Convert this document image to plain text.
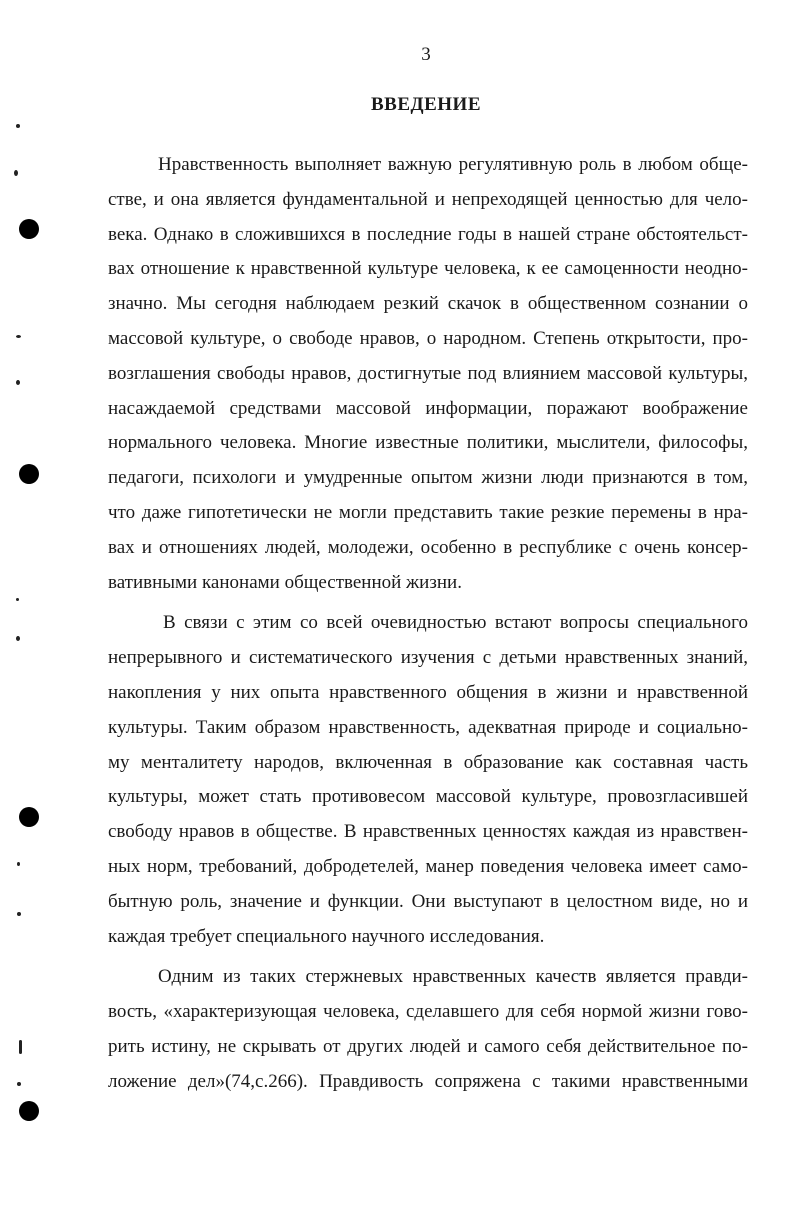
3
ВВЕДЕНИЕ
Нравственность выполняет важную регулятивную роль в любом обще-
стве, и она является фундаментальной и непреходящей ценностью для чело-
века. Однако в сложившихся в последние годы в нашей стране обстоятельст-
вах отношение к нравственной культуре человека, к ее самоценности неодно-
значно. Мы сегодня наблюдаем резкий скачок в общественном сознании о
массовой культуре, о свободе нравов, о народном. Степень открытости, про-
возглашения свободы нравов, достигнутые под влиянием массовой культуры,
насаждаемой средствами массовой информации, поражают воображение
нормального человека. Многие известные политики, мыслители, философы,
педагоги, психологи и умудренные опытом жизни люди признаются в том,
что даже гипотетически не могли представить такие резкие перемены в нра-
вах и отношениях людей, молодежи, особенно в республике с очень консер-
вативными канонами общественной жизни.
В связи с этим со всей очевидностью встают вопросы специального
непрерывного и систематического изучения с детьми нравственных знаний,
накопления у них опыта нравственного общения в жизни и нравственной
культуры. Таким образом нравственность, адекватная природе и социально-
му менталитету народов, включенная в образование как составная часть
культуры, может стать противовесом массовой культуре, провозгласившей
свободу нравов в обществе. В нравственных ценностях каждая из нравствен-
ных норм, требований, добродетелей, манер поведения человека имеет само-
бытную роль, значение и функции. Они выступают в целостном виде, но и
каждая требует специального научного исследования.
Одним из таких стержневых нравственных качеств является правди-
вость, «характеризующая человека, сделавшего для себя нормой жизни гово-
рить истину, не скрывать от других людей и самого себя действительное по-
ложение дел»(74,с.266). Правдивость сопряжена с такими нравственными
